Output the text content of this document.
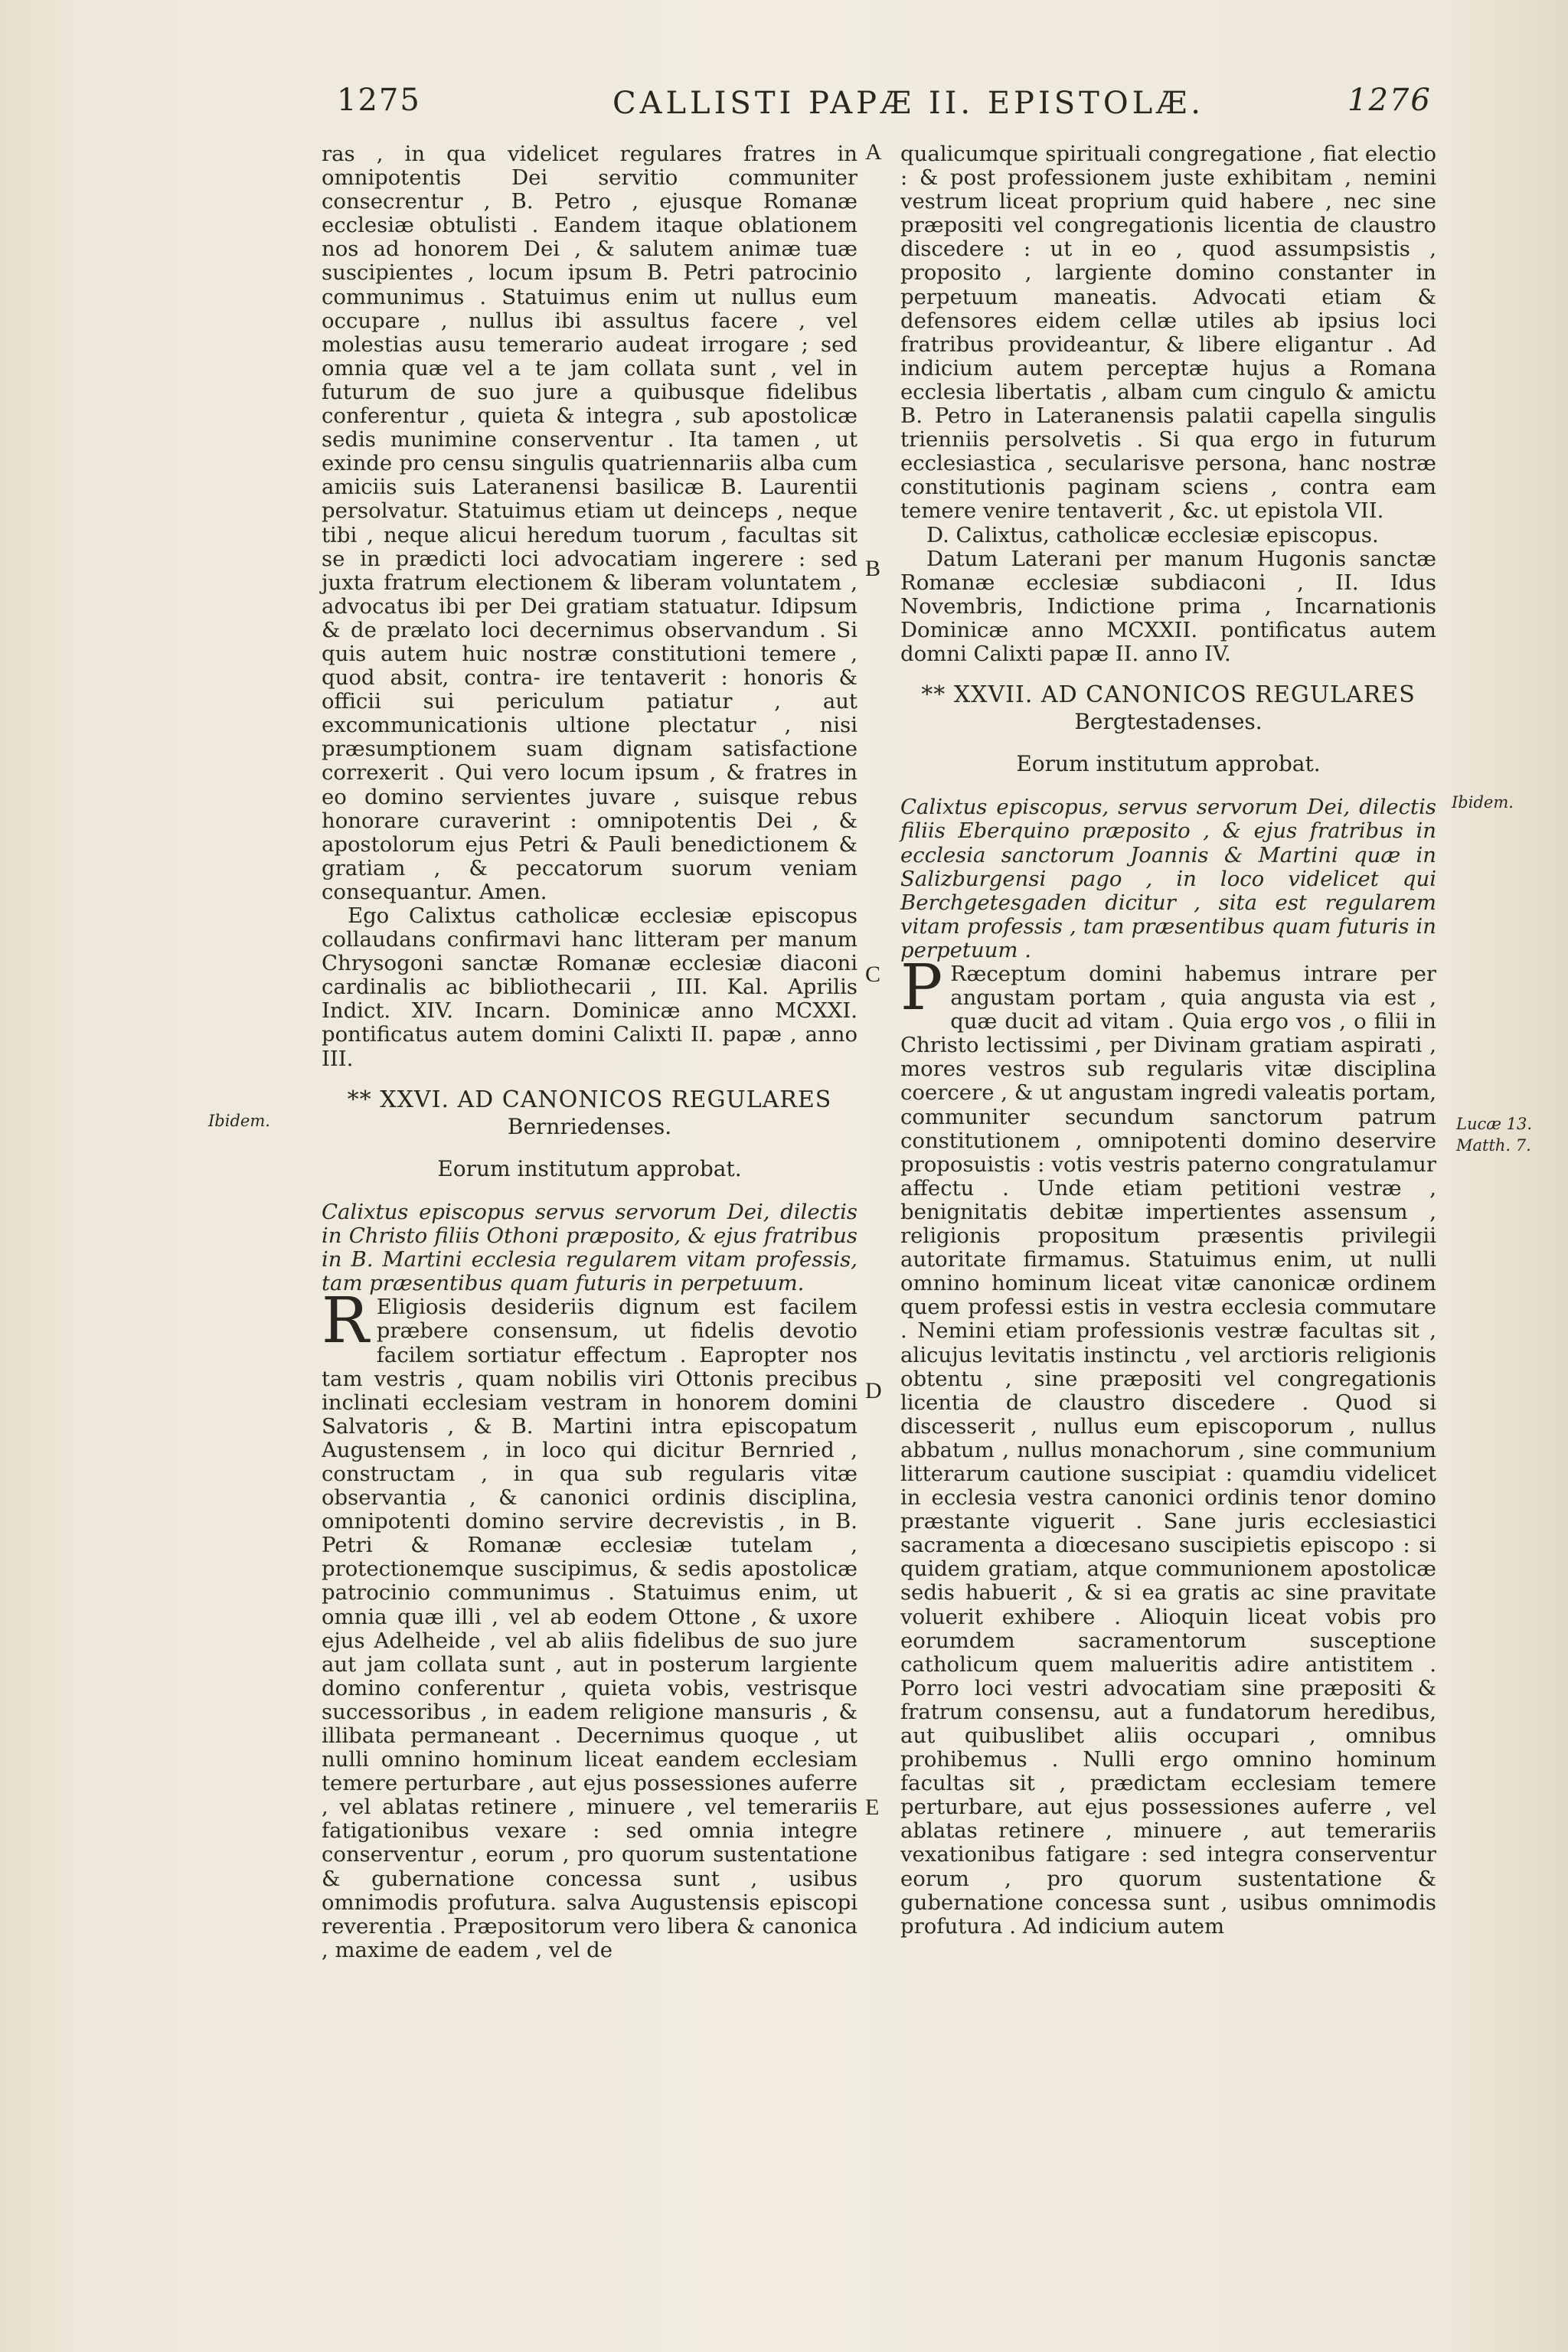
1275	CALLISTI PAPÆ II. EPISTOLÆ.	1276

ras , in qua videlicet regulares fratres in omnipotentis Dei servitio communiter consecrentur , B. Petro , ejusque Romanæ ecclesiæ obtulisti . Eandem itaque oblationem nos ad honorem Dei , & salutem animæ tuæ suscipientes , locum ipsum B. Petri patrocinio communimus . Statuimus enim ut nullus eum occupare , nullus ibi assultus facere , vel molestias ausu temerario audeat irrogare ; sed omnia quæ vel a te jam collata sunt , vel in futurum de suo jure a quibusque fidelibus conferentur , quieta & integra , sub apostolicæ sedis munimine conserventur . Ita tamen , ut exinde pro censu singulis quatriennariis alba cum amiciis suis Lateranensi basilicæ B. Laurentii persolvatur. Statuimus etiam ut deinceps , neque tibi , neque alicui heredum tuorum , facultas sit se in prædicti loci advocatiam ingerere : sed juxta fratrum electionem & liberam voluntatem , advocatus ibi per Dei gratiam statuatur. Idipsum & de prælato loci decernimus observandum . Si quis autem huic nostræ constitutioni temere , quod absit, contra- ire tentaverit : honoris & officii sui periculum patiatur , aut excommunicationis ultione plectatur , nisi præsumptionem suam dignam satisfactione correxerit . Qui vero locum ipsum , & fratres in eo domino servientes juvare , suisque rebus honorare curaverint : omnipotentis Dei , & apostolorum ejus Petri & Pauli benedictionem & gratiam , & peccatorum suorum veniam consequantur. Amen.

Ego Calixtus catholicæ ecclesiæ episcopus collaudans confirmavi hanc litteram per manum Chrysogoni sanctæ Romanæ ecclesiæ diaconi cardinalis ac bibliothecarii , III. Kal. Aprilis Indict. XIV. Incarn. Dominicæ anno MCXXI. pontificatus autem domini Calixti II. papæ , anno III.

** XXVI. AD CANONICOS REGULARES
Bernriedenses.
Eorum institutum approbat.

Calixtus episcopus servus servorum Dei, dilectis in Christo filiis Othoni præposito, & ejus fratribus in B. Martini ecclesia regularem vitam professis, tam præsentibus quam futuris in perpetuum.

R Eligiosis desideriis dignum est facilem præbere consensum, ut fidelis devotio facilem sortiatur effectum . Eapropter nos tam vestris , quam nobilis viri Ottonis precibus inclinati ecclesiam vestram in honorem domini Salvatoris , & B. Martini intra episcopatum Augustensem , in loco qui dicitur Bernried , constructam , in qua sub regularis vitæ observantia , & canonici ordinis disciplina, omnipotenti domino servire decrevistis , in B. Petri & Romanæ ecclesiæ tutelam , protectionemque suscipimus, & sedis apostolicæ patrocinio communimus . Statuimus enim, ut omnia quæ illi , vel ab eodem Ottone , & uxore ejus Adelheide , vel ab aliis fidelibus de suo jure aut jam collata sunt , aut in posterum largiente domino conferentur , quieta vobis, vestrisque successoribus , in eadem religione mansuris , & illibata permaneant . Decernimus quoque , ut nulli omnino hominum liceat eandem ecclesiam temere perturbare , aut ejus possessiones auferre , vel ablatas retinere , minuere , vel temerariis fatigationibus vexare : sed omnia integre conserventur , eorum , pro quorum sustentatione & gubernatione concessa sunt , usibus omnimodis profutura. salva Augustensis episcopi reverentia . Præpositorum vero libera & canonica , maxime de eadem , vel de

qualicumque spirituali congregatione , fiat electio : & post professionem juste exhibitam , nemini vestrum liceat proprium quid habere , nec sine præpositi vel congregationis licentia de claustro discedere : ut in eo , quod assumpsistis , proposito , largiente domino constanter in perpetuum maneatis. Advocati etiam & defensores eidem cellæ utiles ab ipsius loci fratribus provideantur, & libere eligantur . Ad indicium autem perceptæ hujus a Romana ecclesia libertatis , albam cum cingulo & amictu B. Petro in Lateranensis palatii capella singulis trienniis persolvetis . Si qua ergo in futurum ecclesiastica , secularisve persona, hanc nostræ constitutionis paginam sciens , contra eam temere venire tentaverit , &c. ut epistola VII.

D. Calixtus, catholicæ ecclesiæ episcopus.

Datum Laterani per manum Hugonis sanctæ Romanæ ecclesiæ subdiaconi , II. Idus Novembris, Indictione prima , Incarnationis Dominicæ anno MCXXII. pontificatus autem domni Calixti papæ II. anno IV.

** XXVII. AD CANONICOS REGULARES
Bergtestadenses.
Eorum institutum approbat.

Calixtus episcopus, servus servorum Dei, dilectis filiis Eberquino præposito , & ejus fratribus in ecclesia sanctorum Joannis & Martini quæ in Salizburgensi pago , in loco videlicet qui Berchgetesgaden dicitur , sita est regularem vitam professis , tam præsentibus quam futuris in perpetuum .

P Ræceptum domini habemus intrare per angustam portam , quia angusta via est , quæ ducit ad vitam . Quia ergo vos , o filii in Christo lectissimi , per Divinam gratiam aspirati , mores vestros sub regularis vitæ disciplina coercere , & ut angustam ingredi valeatis portam, communiter secundum sanctorum patrum constitutionem , omnipotenti domino deservire proposuistis : votis vestris paterno congratulamur affectu . Unde etiam petitioni vestræ , benignitatis debitæ impertientes assensum , religionis propositum præsentis privilegii autoritate firmamus. Statuimus enim, ut nulli omnino hominum liceat vitæ canonicæ ordinem quem professi estis in vestra ecclesia commutare . Nemini etiam professionis vestræ facultas sit , alicujus levitatis instinctu , vel arctioris religionis obtentu , sine præpositi vel congregationis licentia de claustro discedere . Quod si discesserit , nullus eum episcoporum , nullus abbatum , nullus monachorum , sine communium litterarum cautione suscipiat : quamdiu videlicet in ecclesia vestra canonici ordinis tenor domino præstante viguerit . Sane juris ecclesiastici sacramenta a diœcesano suscipietis episcopo : si quidem gratiam, atque communionem apostolicæ sedis habuerit , & si ea gratis ac sine pravitate voluerit exhibere . Alioquin liceat vobis pro eorumdem sacramentorum susceptione catholicum quem malueritis adire antistitem . Porro loci vestri advocatiam sine præpositi & fratrum consensu, aut a fundatorum heredibus, aut quibuslibet aliis occupari , omnibus prohibemus . Nulli ergo omnino hominum facultas sit , prædictam ecclesiam temere perturbare, aut ejus possessiones auferre , vel ablatas retinere , minuere , aut temerariis vexationibus fatigare : sed integra conserventur eorum , pro quorum sustentatione & gubernatione concessa sunt , usibus omnimodis profutura . Ad indicium autem

A
B
C
D
E
Ibidem.
Ibidem.
Lucæ 13.
Matth. 7.
